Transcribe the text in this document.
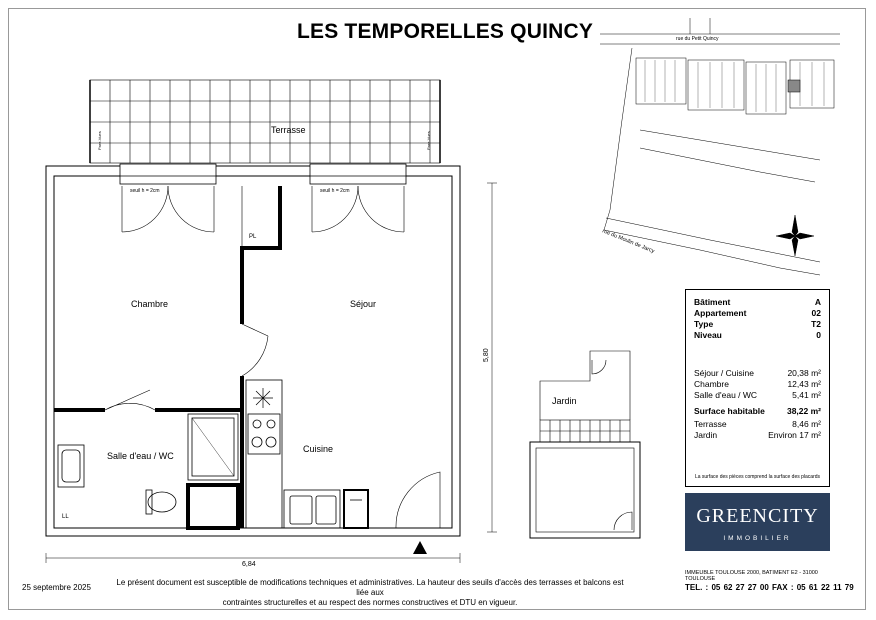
LES TEMPORELLES QUINCY	rue du Petit Quincy
rue du Moulin de Jarcy
Pare-Vues	Pare-Vues
5,80
Terrasse
Chambre	Séjour
Salle d'eau / WC
Cuisine
Jardin
PL
LL
seuil h = 2cm	seuil h = 2cm
6,84
Bâtiment	A
Appartement	02
Type	T2
Niveau	0
Séjour / Cuisine	20,38 m²
Chambre	12,43 m²
Salle d'eau / WC	5,41 m²
Surface habitable	38,22 m²
Terrasse	8,46 m²
Jardin	Environ 17 m²
La surface des pièces comprend la surface des placards
GREENCITY
IMMOBILIER
IMMEUBLE TOULOUSE 2000, BATIMENT E2 - 31000 TOULOUSE
TEL. : 05 62 27 27 00 FAX : 05 61 22 11 79
25 septembre 2025
Le présent document est susceptible de modifications techniques et administratives. La hauteur des seuils d'accès des terrasses et balcons est liée aux
contraintes structurelles et au respect des normes constructives et DTU en vigueur.
